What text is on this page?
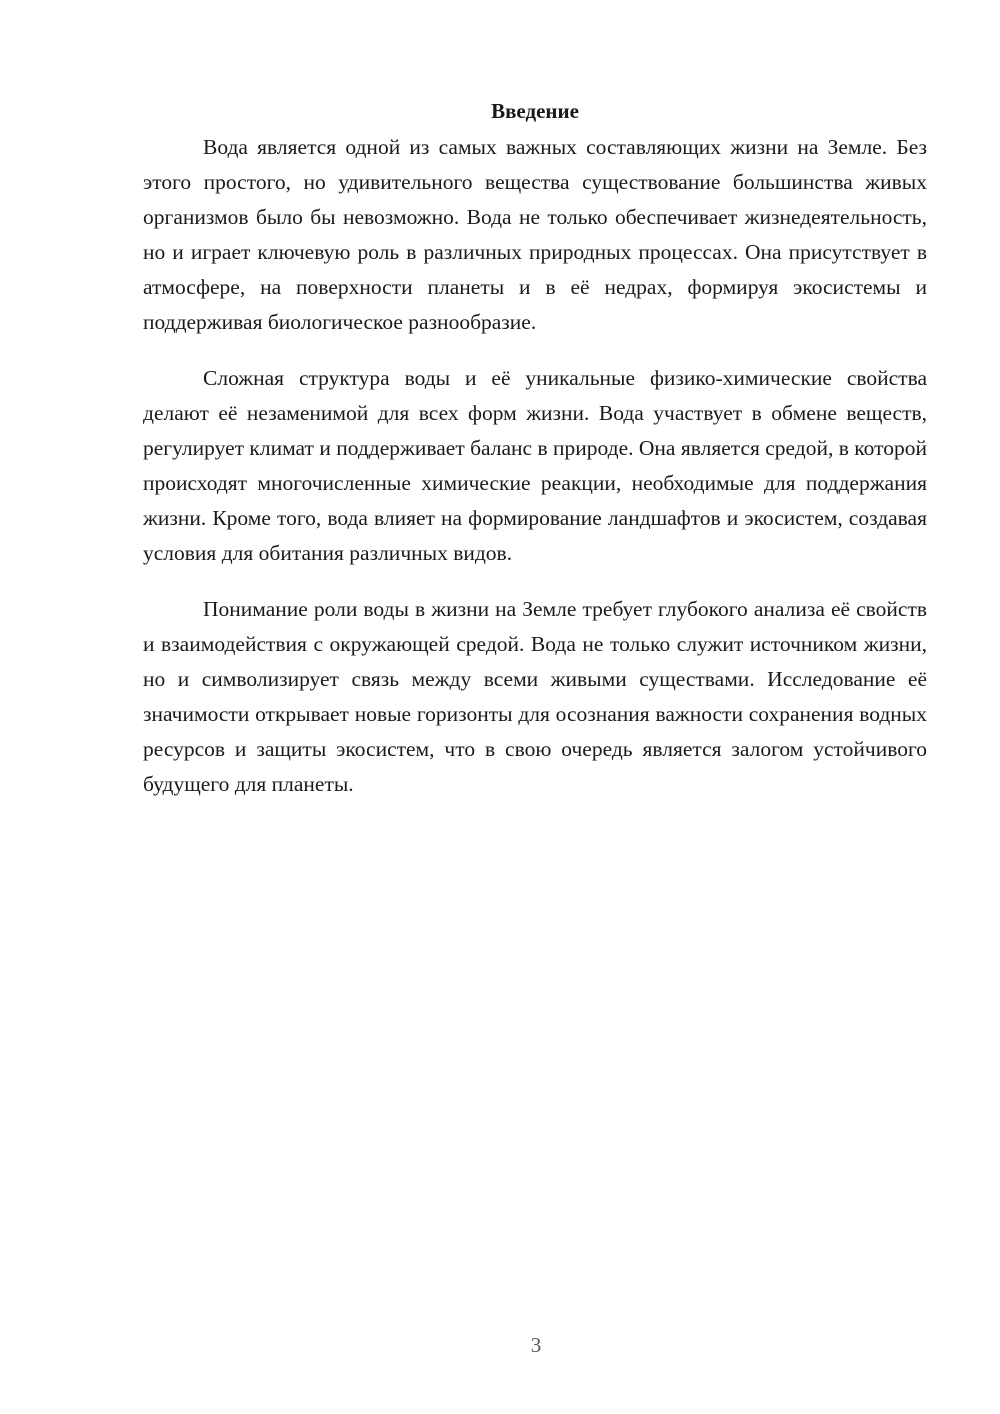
Введение

Вода является одной из самых важных составляющих жизни на Земле. Без этого простого, но удивительного вещества существование большинства живых организмов было бы невозможно. Вода не только обеспечивает жизнедеятельность, но и играет ключевую роль в различных природных процессах. Она присутствует в атмосфере, на поверхности планеты и в её недрах, формируя экосистемы и поддерживая биологическое разнообразие.

Сложная структура воды и её уникальные физико-химические свойства делают её незаменимой для всех форм жизни. Вода участвует в обмене веществ, регулирует климат и поддерживает баланс в природе. Она является средой, в которой происходят многочисленные химические реакции, необходимые для поддержания жизни. Кроме того, вода влияет на формирование ландшафтов и экосистем, создавая условия для обитания различных видов.

Понимание роли воды в жизни на Земле требует глубокого анализа её свойств и взаимодействия с окружающей средой. Вода не только служит источником жизни, но и символизирует связь между всеми живыми существами. Исследование её значимости открывает новые горизонты для осознания важности сохранения водных ресурсов и защиты экосистем, что в свою очередь является залогом устойчивого будущего для планеты.

3
